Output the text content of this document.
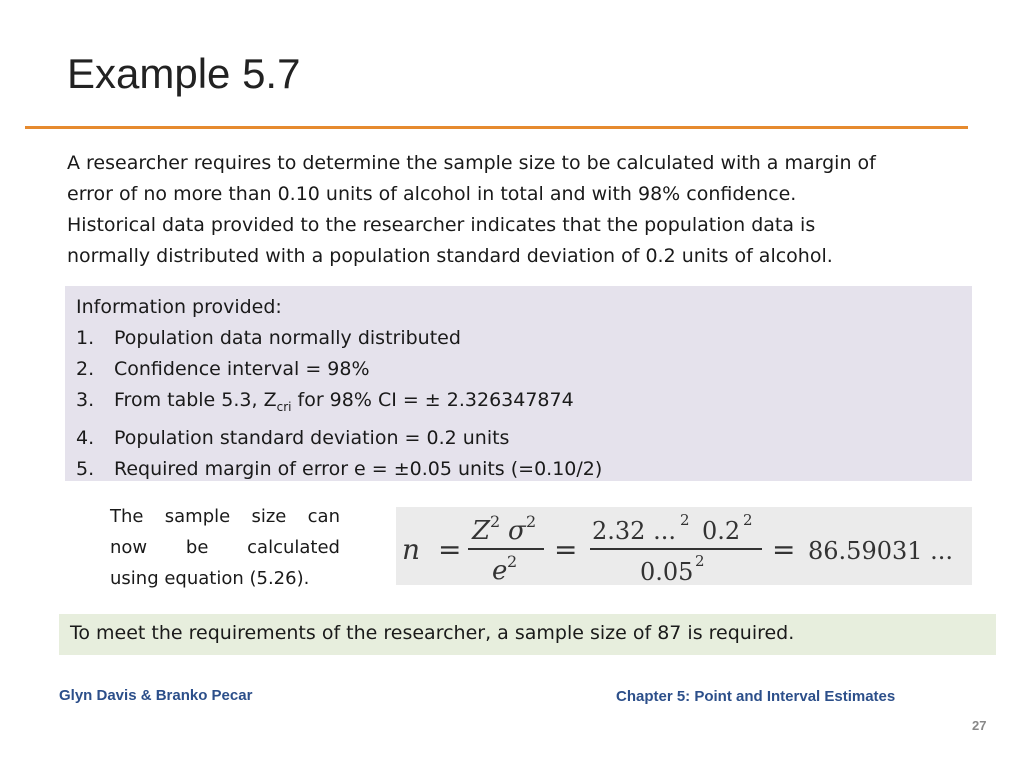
Example 5.7
A researcher requires to determine the sample size to be calculated with a margin of
error of no more than 0.10 units of alcohol in total and with 98% confidence.
Historical data provided to the researcher indicates that the population data is
normally distributed with a population standard deviation of 0.2 units of alcohol.
Information provided:
1.	Population data normally distributed
2.	Confidence interval = 98%
3.	From table 5.3, $Z_{cri}$ for 98% CI = ± 2.326347874
4.	Population standard deviation = 0.2 units
5.	Required margin of error e = ±0.05 units (=0.10/2)
The sample size can
now be calculated
using equation (5.26).
n =
Z 2 σ 2
e 2 =
2.32 ... 2 0.2 2
0.05 2 = 86.59031 ...
To meet the requirements of the researcher, a sample size of 87 is required.
Glyn Davis & Branko Pecar	Chapter 5: Point and Interval Estimates
27
